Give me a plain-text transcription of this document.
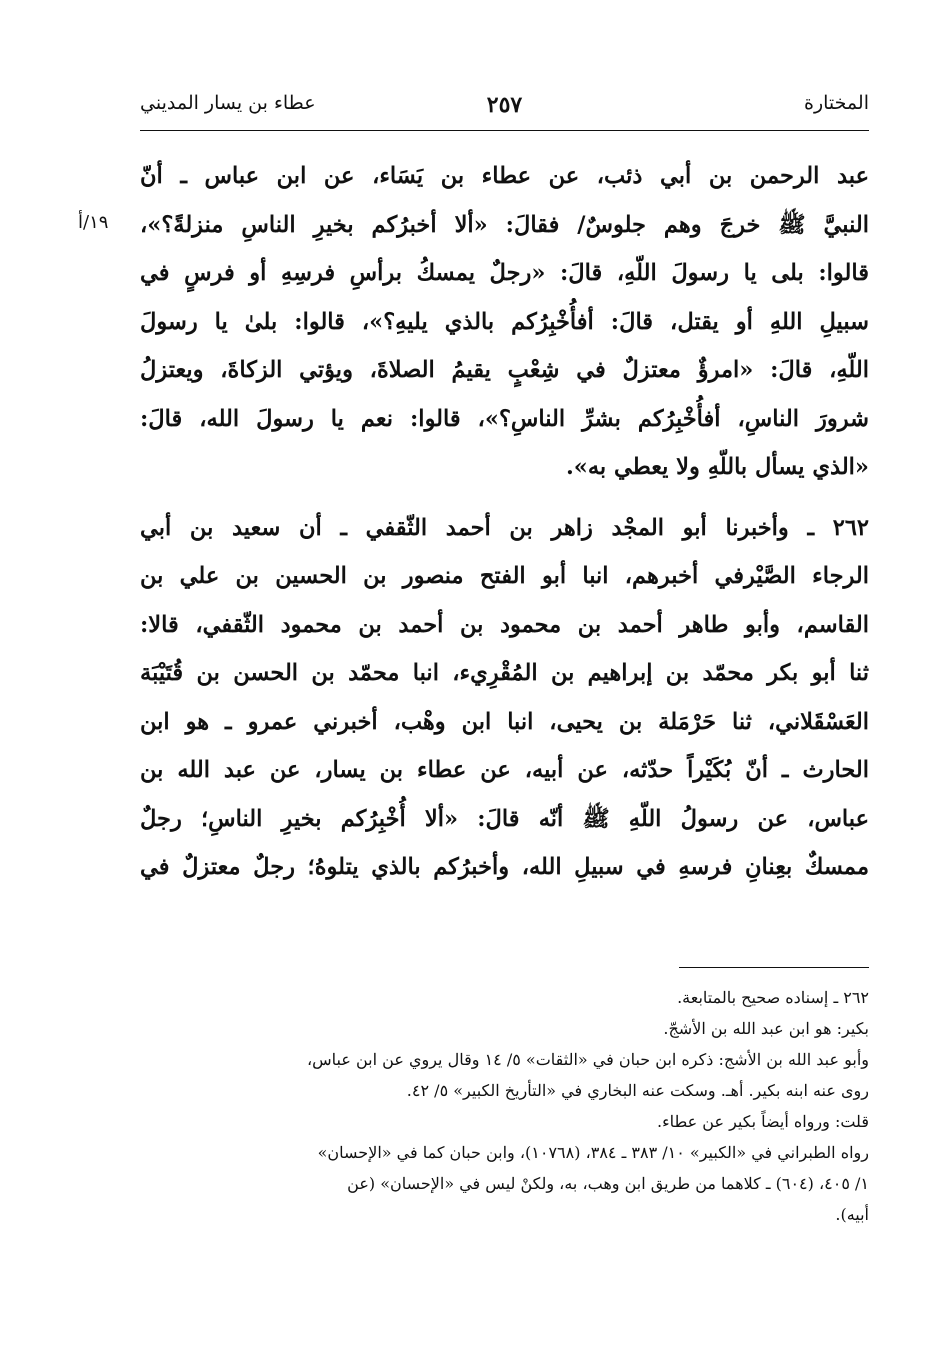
المختارة
٢٥٧
عطاء بن يسار المديني
١٩/أ

عبد الرحمن بن أبي ذئب، عن عطاء بن يَسَاء، عن ابن عباس ـ أنّ
النبيَّ ﷺ خرجَ وهم جلوسٌ/ فقالَ: «ألا أخبرُكم بخيرِ الناسِ منزلةً؟»،
قالوا: بلى يا رسولَ اللّهِ، قالَ: «رجلٌ يمسكُ برأسِ فرسِهِ أو فرسٍ في
سبيلِ اللهِ أو يقتل، قالَ: أفأُخْبِرُكم بالذي يليهِ؟»، قالوا: بلىٰ يا رسولَ
اللّهِ، قالَ: «امرؤٌ معتزلٌ في شِعْبٍ يقيمُ الصلاةَ، ويؤتي الزكاةَ، ويعتزلُ
شرورَ الناسِ، أفأُخْبِرُكم بشرِّ الناسِ؟»، قالوا: نعم يا رسولَ الله، قالَ:
«الذي يسأل باللّهِ ولا يعطي به».

٢٦٢ ـ وأخبرنا أبو المجْد زاهر بن أحمد الثّقفي ـ أن سعيد بن أبي
الرجاء الصَّيْرفي أخبرهم، انبا أبو الفتح منصور بن الحسين بن علي بن
القاسم، وأبو طاهر أحمد بن محمود بن أحمد بن محمود الثّقفي، قالا:
ثنا أبو بكر محمّد بن إبراهيم بن المُقْرِيء، انبا محمّد بن الحسن بن قُتَيْبَة
العَسْقَلاني، ثنا حَرْمَلة بن يحيى، انبا ابن وهْب، أخبرني عمرو ـ هو ابن
الحارث ـ أنّ بُكَيْراً حدّثه، عن أبيه، عن عطاء بن يسار، عن عبد الله بن
عباس، عن رسولُ اللّهِ ﷺ أنّه قالَ: «ألا أُخْبِرُكم بخيرِ الناسِ؛ رجلٌ
ممسكٌ بعِنانِ فرسهِ في سبيلِ الله، وأخبرُكم بالذي يتلوهُ؛ رجلٌ معتزلٌ في

٢٦٢ ـ إسناده صحيح بالمتابعة.
بكير: هو ابن عبد الله بن الأشجّ.
وأبو عبد الله بن الأشج: ذكره ابن حبان في «الثقات» ٥/ ١٤ وقال يروي عن ابن عباس،
روى عنه ابنه بكير. أهـ. وسكت عنه البخاري في «التأريخ الكبير» ٥/ ٤٢.
قلت: ورواه أيضاً بكير عن عطاء.
رواه الطبراني في «الكبير» ١٠/ ٣٨٣ ـ ٣٨٤، (١٠٧٦٨)، وابن حبان كما في «الإحسان»
١/ ٤٠٥، (٦٠٤) ـ كلاهما من طريق ابن وهب، به، ولكنْ ليس في «الإحسان» (عن
أبيه).
